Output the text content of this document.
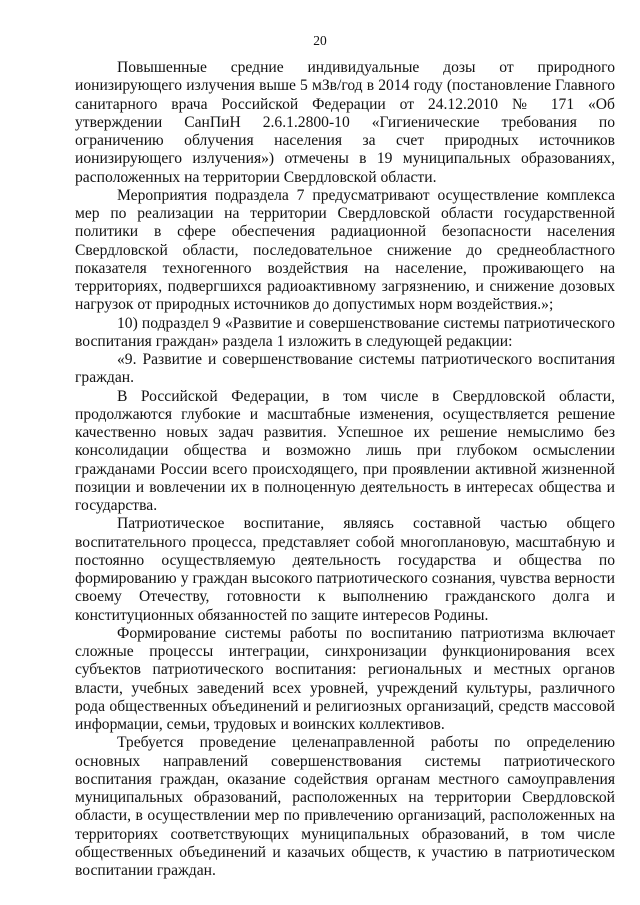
20

Повышенные средние индивидуальные дозы от природного ионизирующего излучения выше 5 мЗв/год в 2014 году (постановление Главного санитарного врача Российской Федерации от 24.12.2010 № 171 «Об утверждении СанПиН 2.6.1.2800-10 «Гигиенические требования по ограничению облучения населения за счет природных источников ионизирующего излучения») отмечены в 19 муниципальных образованиях, расположенных на территории Свердловской области.

Мероприятия подраздела 7 предусматривают осуществление комплекса мер по реализации на территории Свердловской области государственной политики в сфере обеспечения радиационной безопасности населения Свердловской области, последовательное снижение до среднеобластного показателя техногенного воздействия на население, проживающего на территориях, подвергшихся радиоактивному загрязнению, и снижение дозовых нагрузок от природных источников до допустимых норм воздействия.»;

10) подраздел 9 «Развитие и совершенствование системы патриотического воспитания граждан» раздела 1 изложить в следующей редакции:

«9. Развитие и совершенствование системы патриотического воспитания граждан.

В Российской Федерации, в том числе в Свердловской области, продолжаются глубокие и масштабные изменения, осуществляется решение качественно новых задач развития. Успешное их решение немыслимо без консолидации общества и возможно лишь при глубоком осмыслении гражданами России всего происходящего, при проявлении активной жизненной позиции и вовлечении их в полноценную деятельность в интересах общества и государства.

Патриотическое воспитание, являясь составной частью общего воспитательного процесса, представляет собой многоплановую, масштабную и постоянно осуществляемую деятельность государства и общества по формированию у граждан высокого патриотического сознания, чувства верности своему Отечеству, готовности к выполнению гражданского долга и конституционных обязанностей по защите интересов Родины.

Формирование системы работы по воспитанию патриотизма включает сложные процессы интеграции, синхронизации функционирования всех субъектов патриотического воспитания: региональных и местных органов власти, учебных заведений всех уровней, учреждений культуры, различного рода общественных объединений и религиозных организаций, средств массовой информации, семьи, трудовых и воинских коллективов.

Требуется проведение целенаправленной работы по определению основных направлений совершенствования системы патриотического воспитания граждан, оказание содействия органам местного самоуправления муниципальных образований, расположенных на территории Свердловской области, в осуществлении мер по привлечению организаций, расположенных на территориях соответствующих муниципальных образований, в том числе общественных объединений и казачьих обществ, к участию в патриотическом воспитании граждан.
